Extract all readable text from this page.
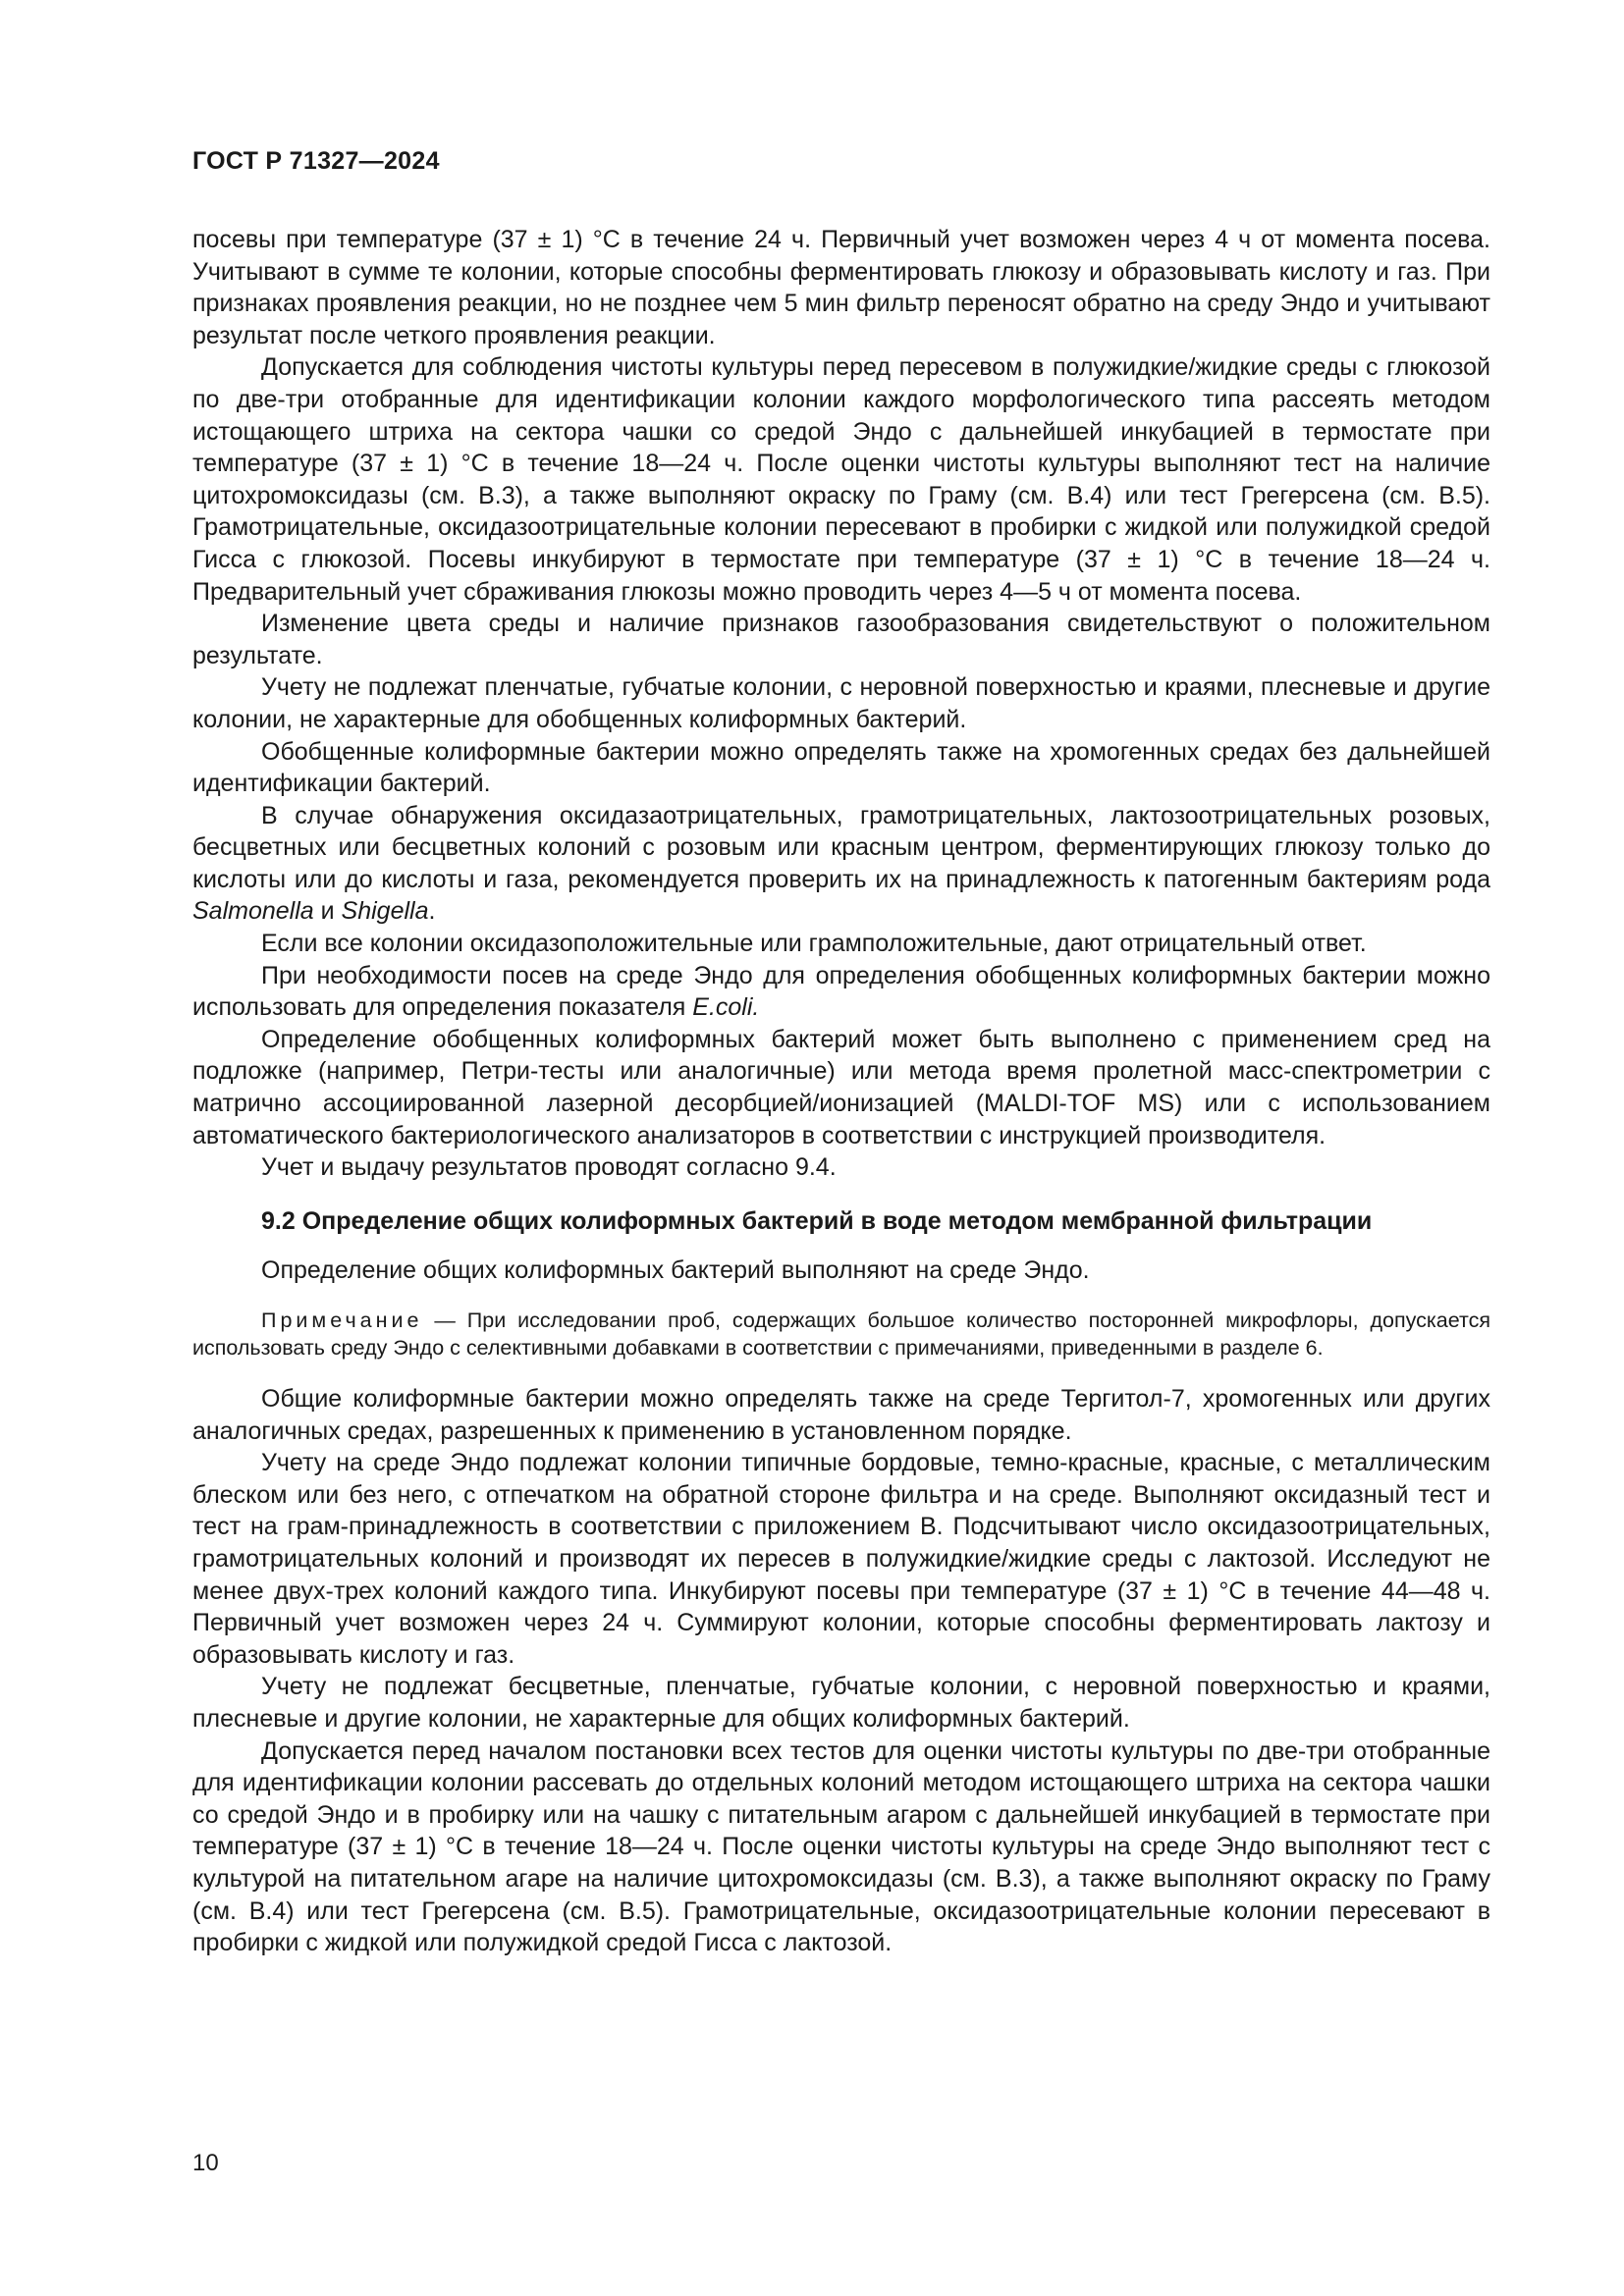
ГОСТ Р 71327—2024

посевы при температуре (37 ± 1) °С в течение 24 ч. Первичный учет возможен через 4 ч от момента посева. Учитывают в сумме те колонии, которые способны ферментировать глюкозу и образовывать кислоту и газ. При признаках проявления реакции, но не позднее чем 5 мин фильтр переносят обратно на среду Эндо и учитывают результат после четкого проявления реакции.

Допускается для соблюдения чистоты культуры перед пересевом в полужидкие/жидкие среды с глюкозой по две-три отобранные для идентификации колонии каждого морфологического типа рассеять методом истощающего штриха на сектора чашки со средой Эндо с дальнейшей инкубацией в термостате при температуре (37 ± 1) °С в течение 18—24 ч. После оценки чистоты культуры выполняют тест на наличие цитохромоксидазы (см. В.3), а также выполняют окраску по Граму (см. В.4) или тест Грегерсена (см. В.5). Грамотрицательные, оксидазоотрицательные колонии пересевают в пробирки с жидкой или полужидкой средой Гисса с глюкозой. Посевы инкубируют в термостате при температуре (37 ± 1) °С в течение 18—24 ч. Предварительный учет сбраживания глюкозы можно проводить через 4—5 ч от момента посева.

Изменение цвета среды и наличие признаков газообразования свидетельствуют о положительном результате.

Учету не подлежат пленчатые, губчатые колонии, с неровной поверхностью и краями, плесневые и другие колонии, не характерные для обобщенных колиформных бактерий.

Обобщенные колиформные бактерии можно определять также на хромогенных средах без дальнейшей идентификации бактерий.

В случае обнаружения оксидазаотрицательных, грамотрицательных, лактозоотрицательных розовых, бесцветных или бесцветных колоний с розовым или красным центром, ферментирующих глюкозу только до кислоты или до кислоты и газа, рекомендуется проверить их на принадлежность к патогенным бактериям рода Salmonella и Shigella.

Если все колонии оксидазоположительные или грамположительные, дают отрицательный ответ.

При необходимости посев на среде Эндо для определения обобщенных колиформных бактерии можно использовать для определения показателя E.coli.

Определение обобщенных колиформных бактерий может быть выполнено с применением сред на подложке (например, Петри-тесты или аналогичные) или метода время пролетной масс-спектрометрии с матрично ассоциированной лазерной десорбцией/ионизацией (MALDI-TOF MS) или с использованием автоматического бактериологического анализаторов в соответствии с инструкцией производителя.

Учет и выдачу результатов проводят согласно 9.4.

9.2 Определение общих колиформных бактерий в воде методом мембранной фильтрации

Определение общих колиформных бактерий выполняют на среде Эндо.

Примечание — При исследовании проб, содержащих большое количество посторонней микрофлоры, допускается использовать среду Эндо с селективными добавками в соответствии с примечаниями, приведенными в разделе 6.

Общие колиформные бактерии можно определять также на среде Тергитол-7, хромогенных или других аналогичных средах, разрешенных к применению в установленном порядке.

Учету на среде Эндо подлежат колонии типичные бордовые, темно-красные, красные, с металлическим блеском или без него, с отпечатком на обратной стороне фильтра и на среде. Выполняют оксидазный тест и тест на грам-принадлежность в соответствии с приложением В. Подсчитывают число оксидазоотрицательных, грамотрицательных колоний и производят их пересев в полужидкие/жидкие среды с лактозой. Исследуют не менее двух-трех колоний каждого типа. Инкубируют посевы при температуре (37 ± 1) °С в течение 44—48 ч. Первичный учет возможен через 24 ч. Суммируют колонии, которые способны ферментировать лактозу и образовывать кислоту и газ.

Учету не подлежат бесцветные, пленчатые, губчатые колонии, с неровной поверхностью и краями, плесневые и другие колонии, не характерные для общих колиформных бактерий.

Допускается перед началом постановки всех тестов для оценки чистоты культуры по две-три отобранные для идентификации колонии рассевать до отдельных колоний методом истощающего штриха на сектора чашки со средой Эндо и в пробирку или на чашку с питательным агаром с дальнейшей инкубацией в термостате при температуре (37 ± 1) °С в течение 18—24 ч. После оценки чистоты культуры на среде Эндо выполняют тест с культурой на питательном агаре на наличие цитохромоксидазы (см. В.3), а также выполняют окраску по Граму (см. В.4) или тест Грегерсена (см. В.5). Грамотрицательные, оксидазоотрицательные колонии пересевают в пробирки с жидкой или полужидкой средой Гисса с лактозой.

10
